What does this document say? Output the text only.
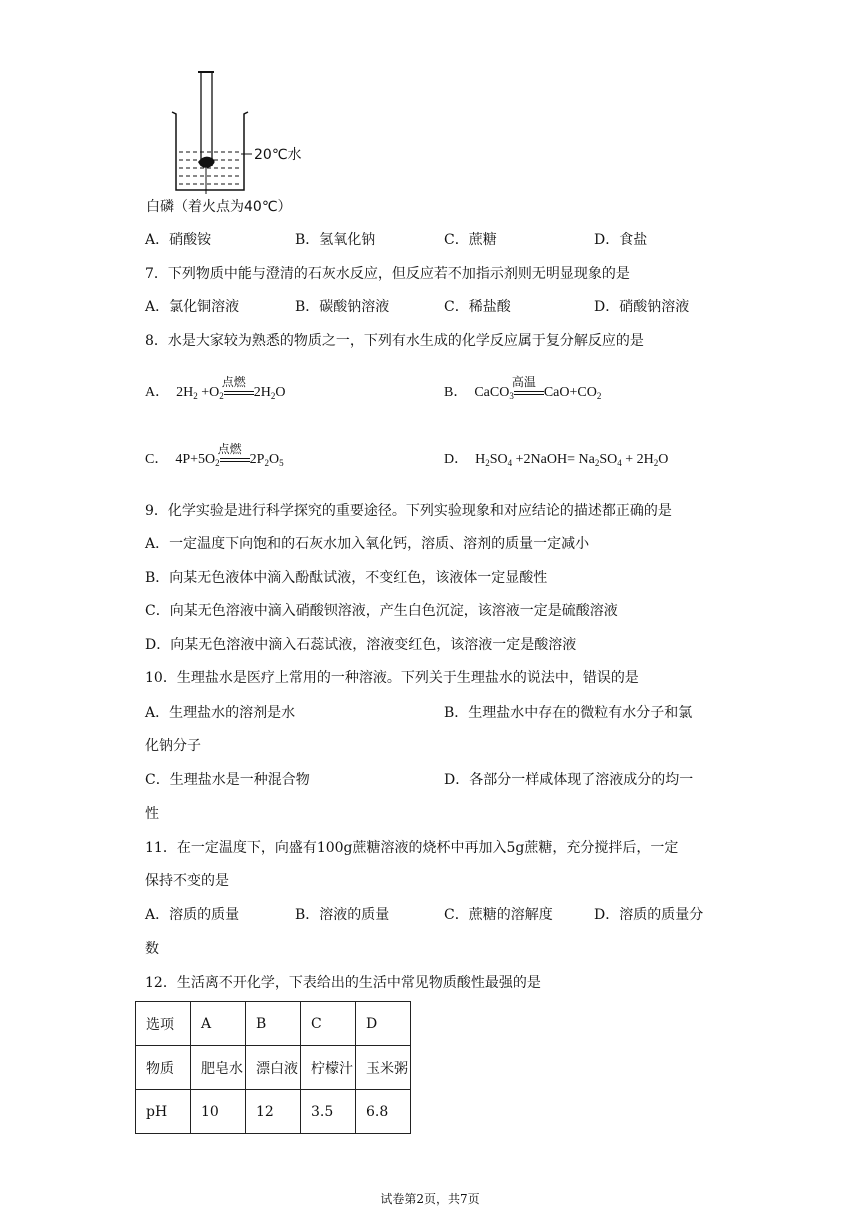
20℃水
白磷（着火点为40℃）
A．硝酸铵	B．氢氧化钠	C．蔗糖	D．食盐
7．下列物质中能与澄清的石灰水反应，但反应若不加指示剂则无明显现象的是
A．氯化铜溶液	B．碳酸钠溶液	C．稀盐酸	D．硝酸钠溶液
8．水是大家较为熟悉的物质之一，下列有水生成的化学反应属于复分解反应的是
A．  $2H_2 +O_2$
点燃
$2H_2O$	B．  CaCO$_3$
高温
$CaO+CO_2$
C．  $4P+5O_2$
点燃
$2P_2O_5$	D．  $H_2SO_4$ +2NaOH= $Na_2SO_4 + 2H_2O$
9．化学实验是进行科学探究的重要途径。下列实验现象和对应结论的描述都正确的是
A．一定温度下向饱和的石灰水加入氧化钙，溶质、溶剂的质量一定减小
B．向某无色液体中滴入酚酞试液，不变红色，该液体一定显酸性
C．向某无色溶液中滴入硝酸钡溶液，产生白色沉淀，该溶液一定是硫酸溶液
D．向某无色溶液中滴入石蕊试液，溶液变红色，该溶液一定是酸溶液
10．生理盐水是医疗上常用的一种溶液。下列关于生理盐水的说法中，错误的是
A．生理盐水的溶剂是水	B．生理盐水中存在的微粒有水分子和氯
化钠分子
C．生理盐水是一种混合物	D．各部分一样咸体现了溶液成分的均一
性
11．在一定温度下，向盛有100g蔗糖溶液的烧杯中再加入5g蔗糖，充分搅拌后，一定
保持不变的是
A．溶质的质量	B．溶液的质量	C．蔗糖的溶解度	D．溶质的质量分
数
12．生活离不开化学，下表给出的生活中常见物质酸性最强的是
选项	A	B	C	D
物质	肥皂水	漂白液	柠檬汁	玉米粥
pH	10	12	3.5	6.8
试卷第2页，共7页
